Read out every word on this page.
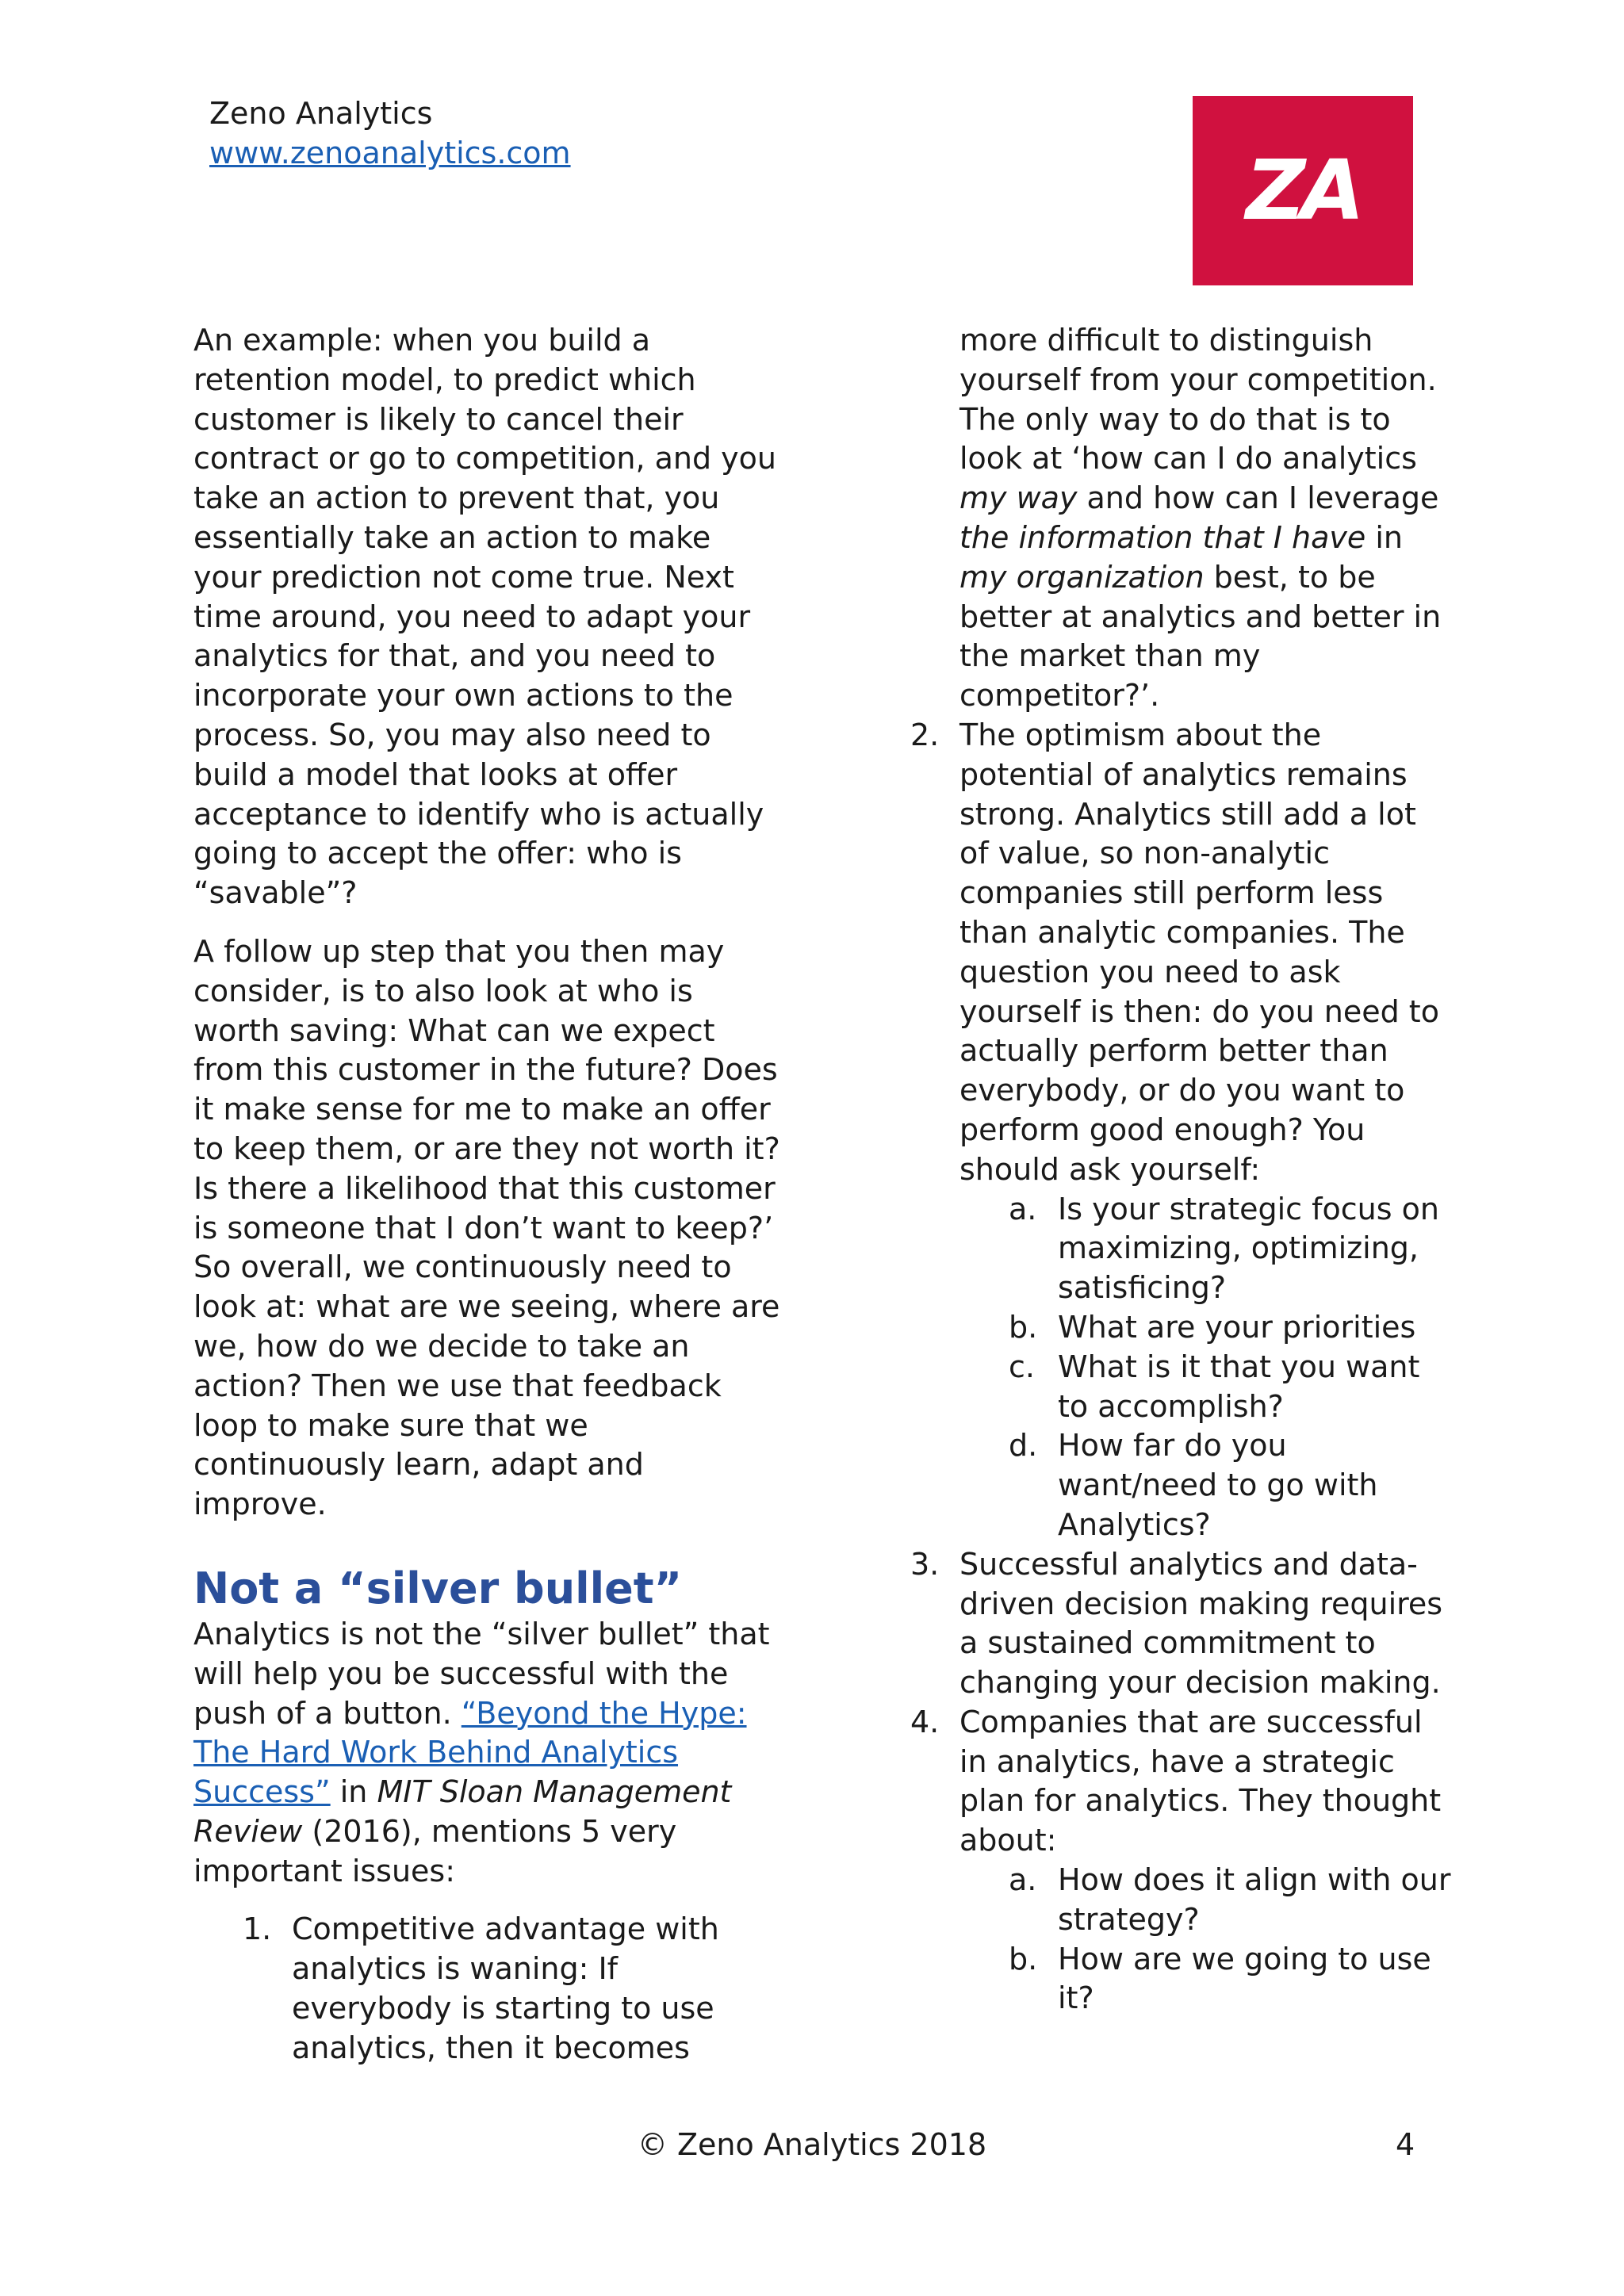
Zeno Analytics
www.zenoanalytics.com	ZA

An example: when you build a retention model, to predict which customer is likely to cancel their contract or go to competition, and you take an action to prevent that, you essentially take an action to make your prediction not come true. Next time around, you need to adapt your analytics for that, and you need to incorporate your own actions to the process. So, you may also need to build a model that looks at offer acceptance to identify who is actually going to accept the offer: who is “savable”?

A follow up step that you then may consider, is to also look at who is worth saving: What can we expect from this customer in the future? Does it make sense for me to make an offer to keep them, or are they not worth it? Is there a likelihood that this customer is someone that I don’t want to keep?’ So overall, we continuously need to look at: what are we seeing, where are we, how do we decide to take an action? Then we use that feedback loop to make sure that we continuously learn, adapt and improve.

Not a “silver bullet”

Analytics is not the “silver bullet” that will help you be successful with the push of a button. “Beyond the Hype: The Hard Work Behind Analytics Success” in MIT Sloan Management Review (2016), mentions 5 very important issues:

1. Competitive advantage with analytics is waning: If everybody is starting to use analytics, then it becomes

more difficult to distinguish yourself from your competition. The only way to do that is to look at ‘how can I do analytics my way and how can I leverage the information that I have in my organization best, to be better at analytics and better in the market than my competitor?’.

2. The optimism about the potential of analytics remains strong. Analytics still add a lot of value, so non-analytic companies still perform less than analytic companies. The question you need to ask yourself is then: do you need to actually perform better than everybody, or do you want to perform good enough? You should ask yourself:
a. Is your strategic focus on maximizing, optimizing, satisficing?
b. What are your priorities
c. What is it that you want to accomplish?
d. How far do you want/need to go with Analytics?
3. Successful analytics and data-driven decision making requires a sustained commitment to changing your decision making.
4. Companies that are successful in analytics, have a strategic plan for analytics. They thought about:
a. How does it align with our strategy?
b. How are we going to use it?
© Zeno Analytics 2018	4
